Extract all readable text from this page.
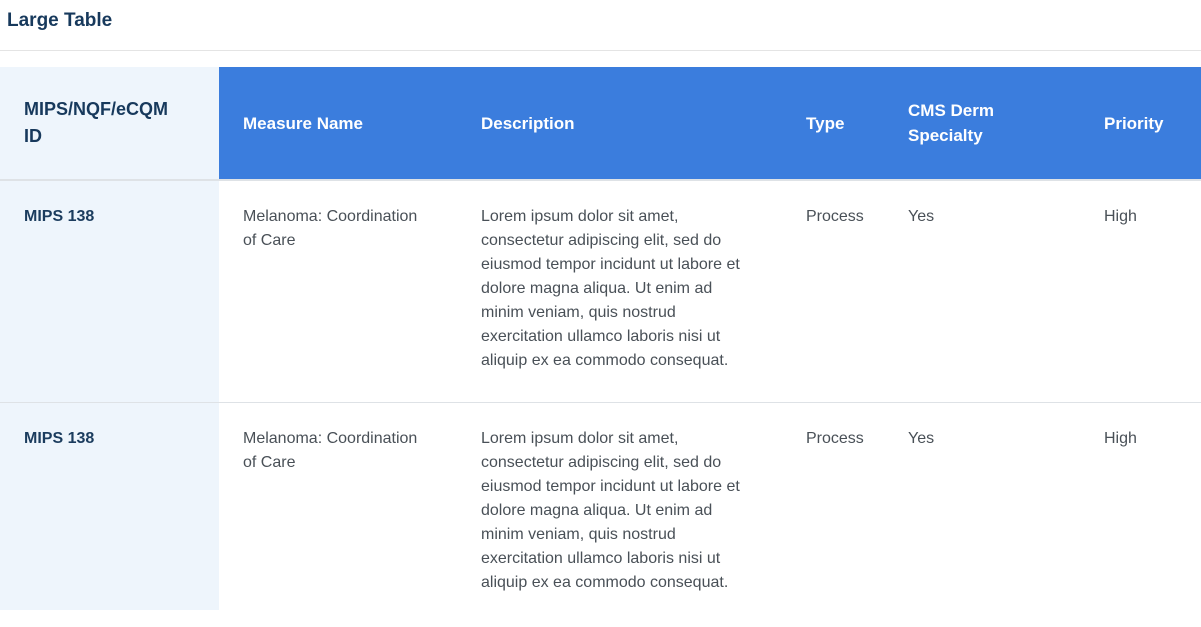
Large Table
MIPS/NQF/eCQM ID	Measure Name	Description	Type	CMS Derm Specialty	Priority
MIPS 138	Melanoma: Coordination of Care	Lorem ipsum dolor sit amet, consectetur adipiscing elit, sed do eiusmod tempor incidunt ut labore et dolore magna aliqua. Ut enim ad minim veniam, quis nostrud exercitation ullamco laboris nisi ut aliquip ex ea commodo consequat.	Process	Yes	High
MIPS 138	Melanoma: Coordination of Care	Lorem ipsum dolor sit amet, consectetur adipiscing elit, sed do eiusmod tempor incidunt ut labore et dolore magna aliqua. Ut enim ad minim veniam, quis nostrud exercitation ullamco laboris nisi ut aliquip ex ea commodo consequat.	Process	Yes	High
